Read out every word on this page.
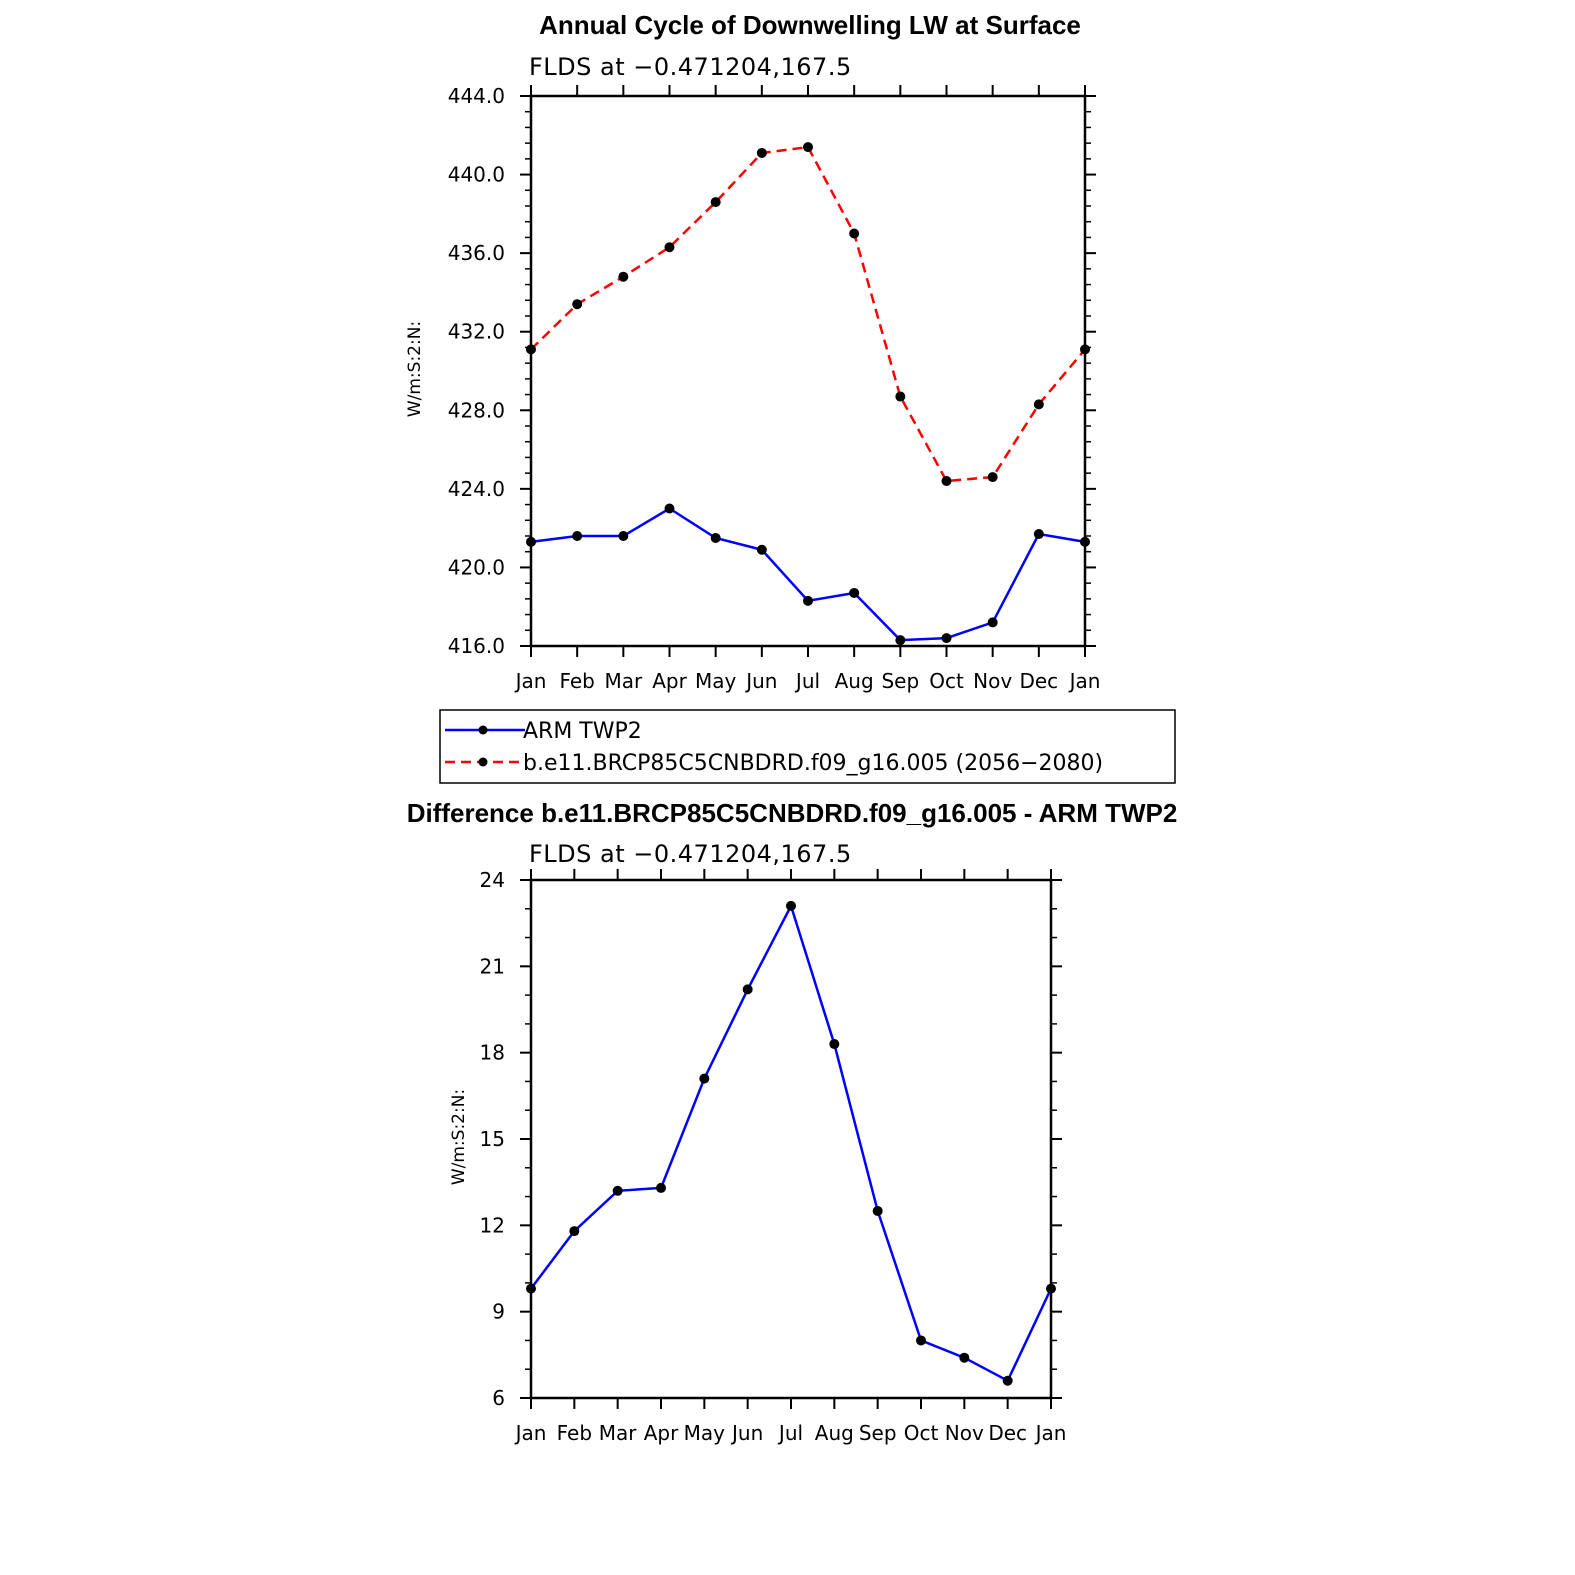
Annual Cycle of Downwelling LW at Surface
FLDS at −0.471204,167.5
W/m:S:2:N:
Jan Feb Mar Apr May Jun Jul Aug Sep Oct Nov Dec Jan
416.0
420.0
424.0
428.0
432.0
436.0
440.0
444.0
ARM TWP2
b.e11.BRCP85C5CNBDRD.f09_g16.005 (2056−2080)
Difference b.e11.BRCP85C5CNBDRD.f09_g16.005 - ARM TWP2
FLDS at −0.471204,167.5
W/m:S:2:N:
Jan Feb Mar Apr May Jun Jul Aug Sep Oct Nov Dec Jan
6
9
12
15
18
21
24
